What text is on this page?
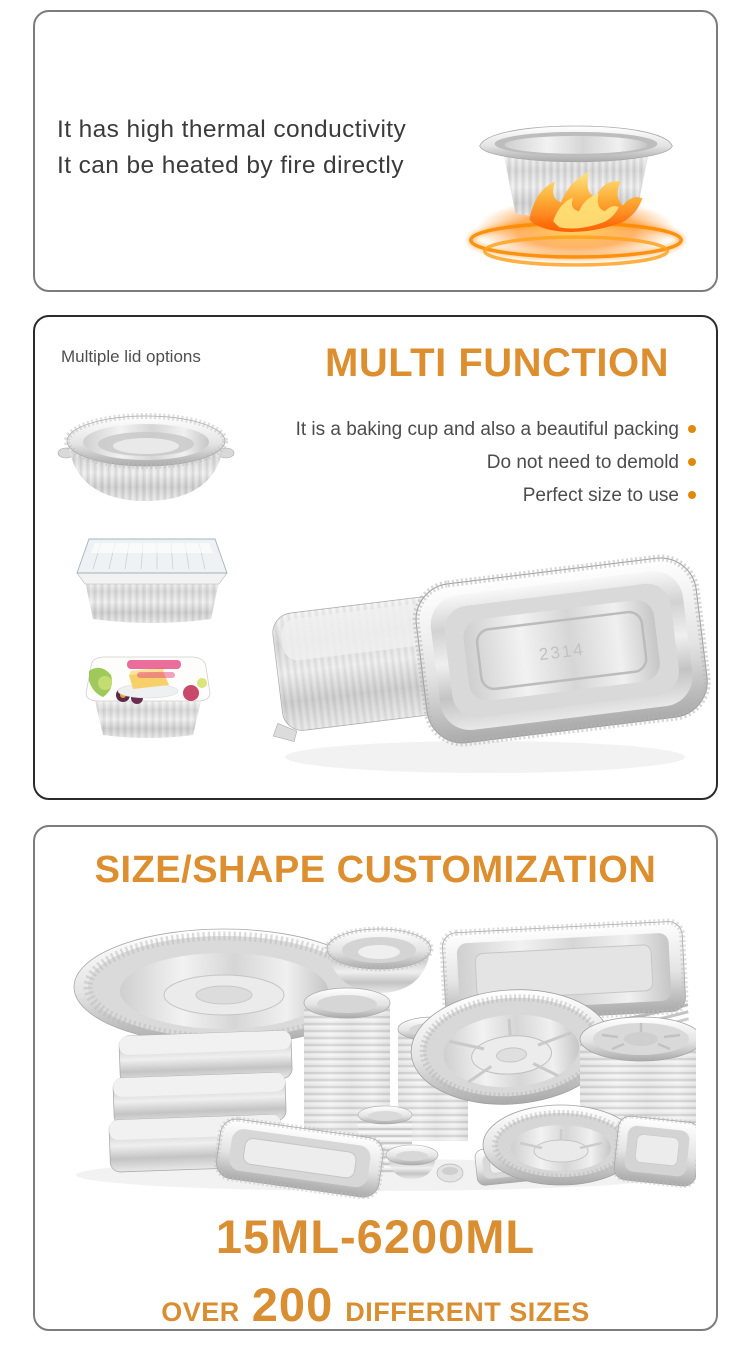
It has high thermal conductivity
It can be heated by fire directly
Multiple lid options	MULTI FUNCTION
It is a baking cup and also a beautiful packing
Do not need to demold
Perfect size to use
2314
SIZE/SHAPE CUSTOMIZATION
15ML-6200ML
OVER 200 DIFFERENT SIZES
